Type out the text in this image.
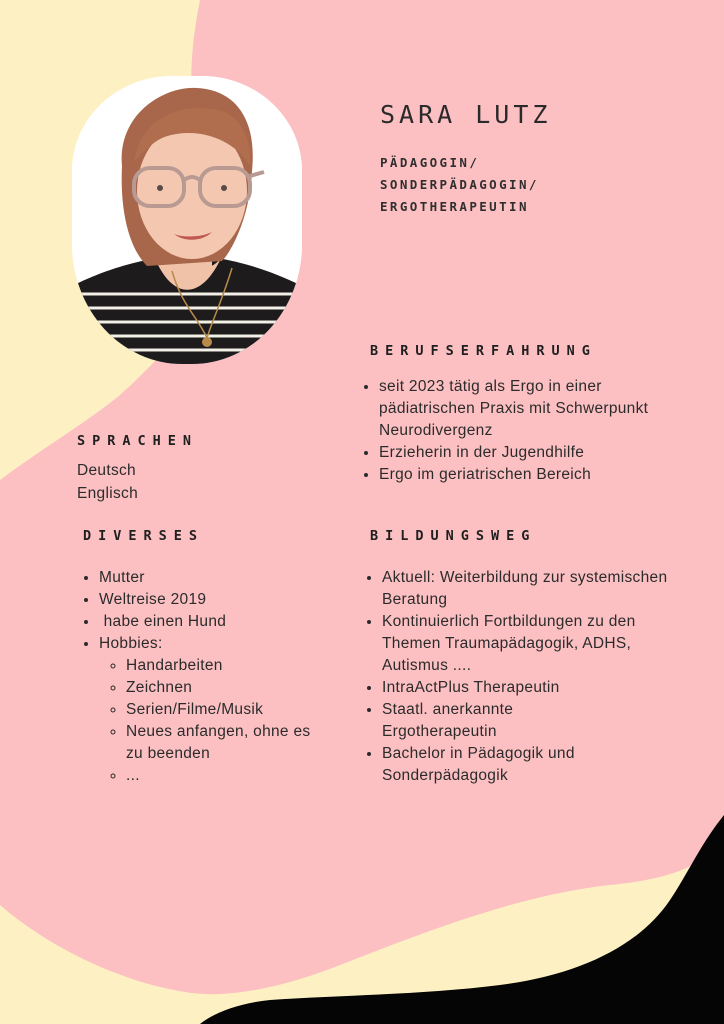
SARA LUTZ
PÄDAGOGIN/
SONDERPÄDAGOGIN/
ERGOTHERAPEUTIN
BERUFSERFAHRUNG
• seit 2023 tätig als Ergo in einer pädiatrischen Praxis mit Schwerpunkt Neurodivergenz
• Erzieherin in der Jugendhilfe
• Ergo im geriatrischen Bereich
SPRACHEN
Deutsch
Englisch
DIVERSES
• Mutter
• Weltreise 2019
•  habe einen Hund
• Hobbies:
◦ Handarbeiten
◦ Zeichnen
◦ Serien/Filme/Musik
◦ Neues anfangen, ohne es zu beenden
◦ ...
BILDUNGSWEG
• Aktuell: Weiterbildung zur systemischen Beratung
• Kontinuierlich Fortbildungen zu den Themen Traumapädagogik, ADHS, Autismus ....
• IntraActPlus Therapeutin
• Staatl. anerkannte Ergotherapeutin
• Bachelor in Pädagogik und Sonderpädagogik
